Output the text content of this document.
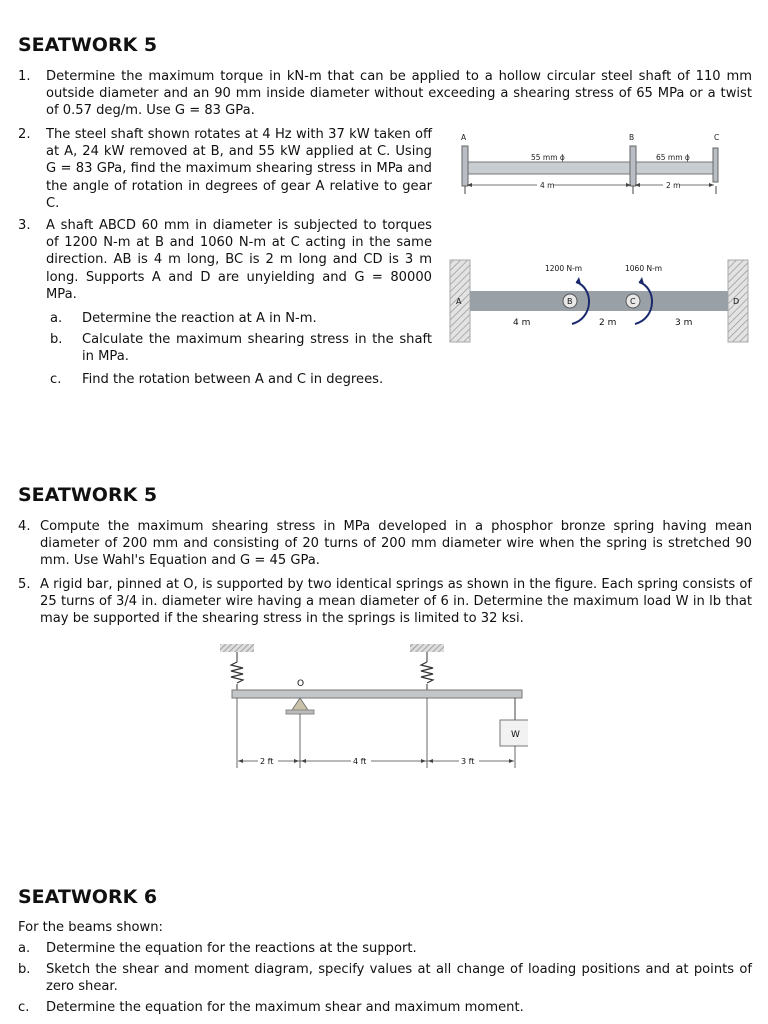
SEATWORK 5
1. Determine the maximum torque in kN-m that can be applied to a hollow circular steel shaft of 110 mm outside diameter and an 90 mm inside diameter without exceeding a shearing stress of 65 MPa or a twist of 0.57 deg/m. Use G = 83 GPa.
2. The steel shaft shown rotates at 4 Hz with 37 kW taken off at A, 24 kW removed at B, and 55 kW applied at C. Using G = 83 GPa, find the maximum shearing stress in MPa and the angle of rotation in degrees of gear A relative to gear C.
3. A shaft ABCD 60 mm in diameter is subjected to torques of 1200 N-m at B and 1060 N-m at C acting in the same direction. AB is 4 m long, BC is 2 m long and CD is 3 m long. Supports A and D are unyielding and G = 80000 MPa.
a. Determine the reaction at A in N-m.
b. Calculate the maximum shearing stress in the shaft in MPa.
c. Find the rotation between A and C in degrees.
A	B	C
55 mm ϕ	65 mm ϕ
4 m	2 m
A	D
B	C
1200 N-m	1060 N-m
4 m	2 m	3 m
SEATWORK 5
4. Compute the maximum shearing stress in MPa developed in a phosphor bronze spring having mean diameter of 200 mm and consisting of 20 turns of 200 mm diameter wire when the spring is stretched 90 mm. Use Wahl's Equation and G = 45 GPa.
5. A rigid bar, pinned at O, is supported by two identical springs as shown in the figure. Each spring consists of 25 turns of 3/4 in. diameter wire having a mean diameter of 6 in. Determine the maximum load W in lb that may be supported if the shearing stress in the springs is limited to 32 ksi.
O
W
2 ft	4 ft	3 ft
SEATWORK 6
For the beams shown:
a. Determine the equation for the reactions at the support.
b. Sketch the shear and moment diagram, specify values at all change of loading positions and at points of zero shear.
c. Determine the equation for the maximum shear and maximum moment.
